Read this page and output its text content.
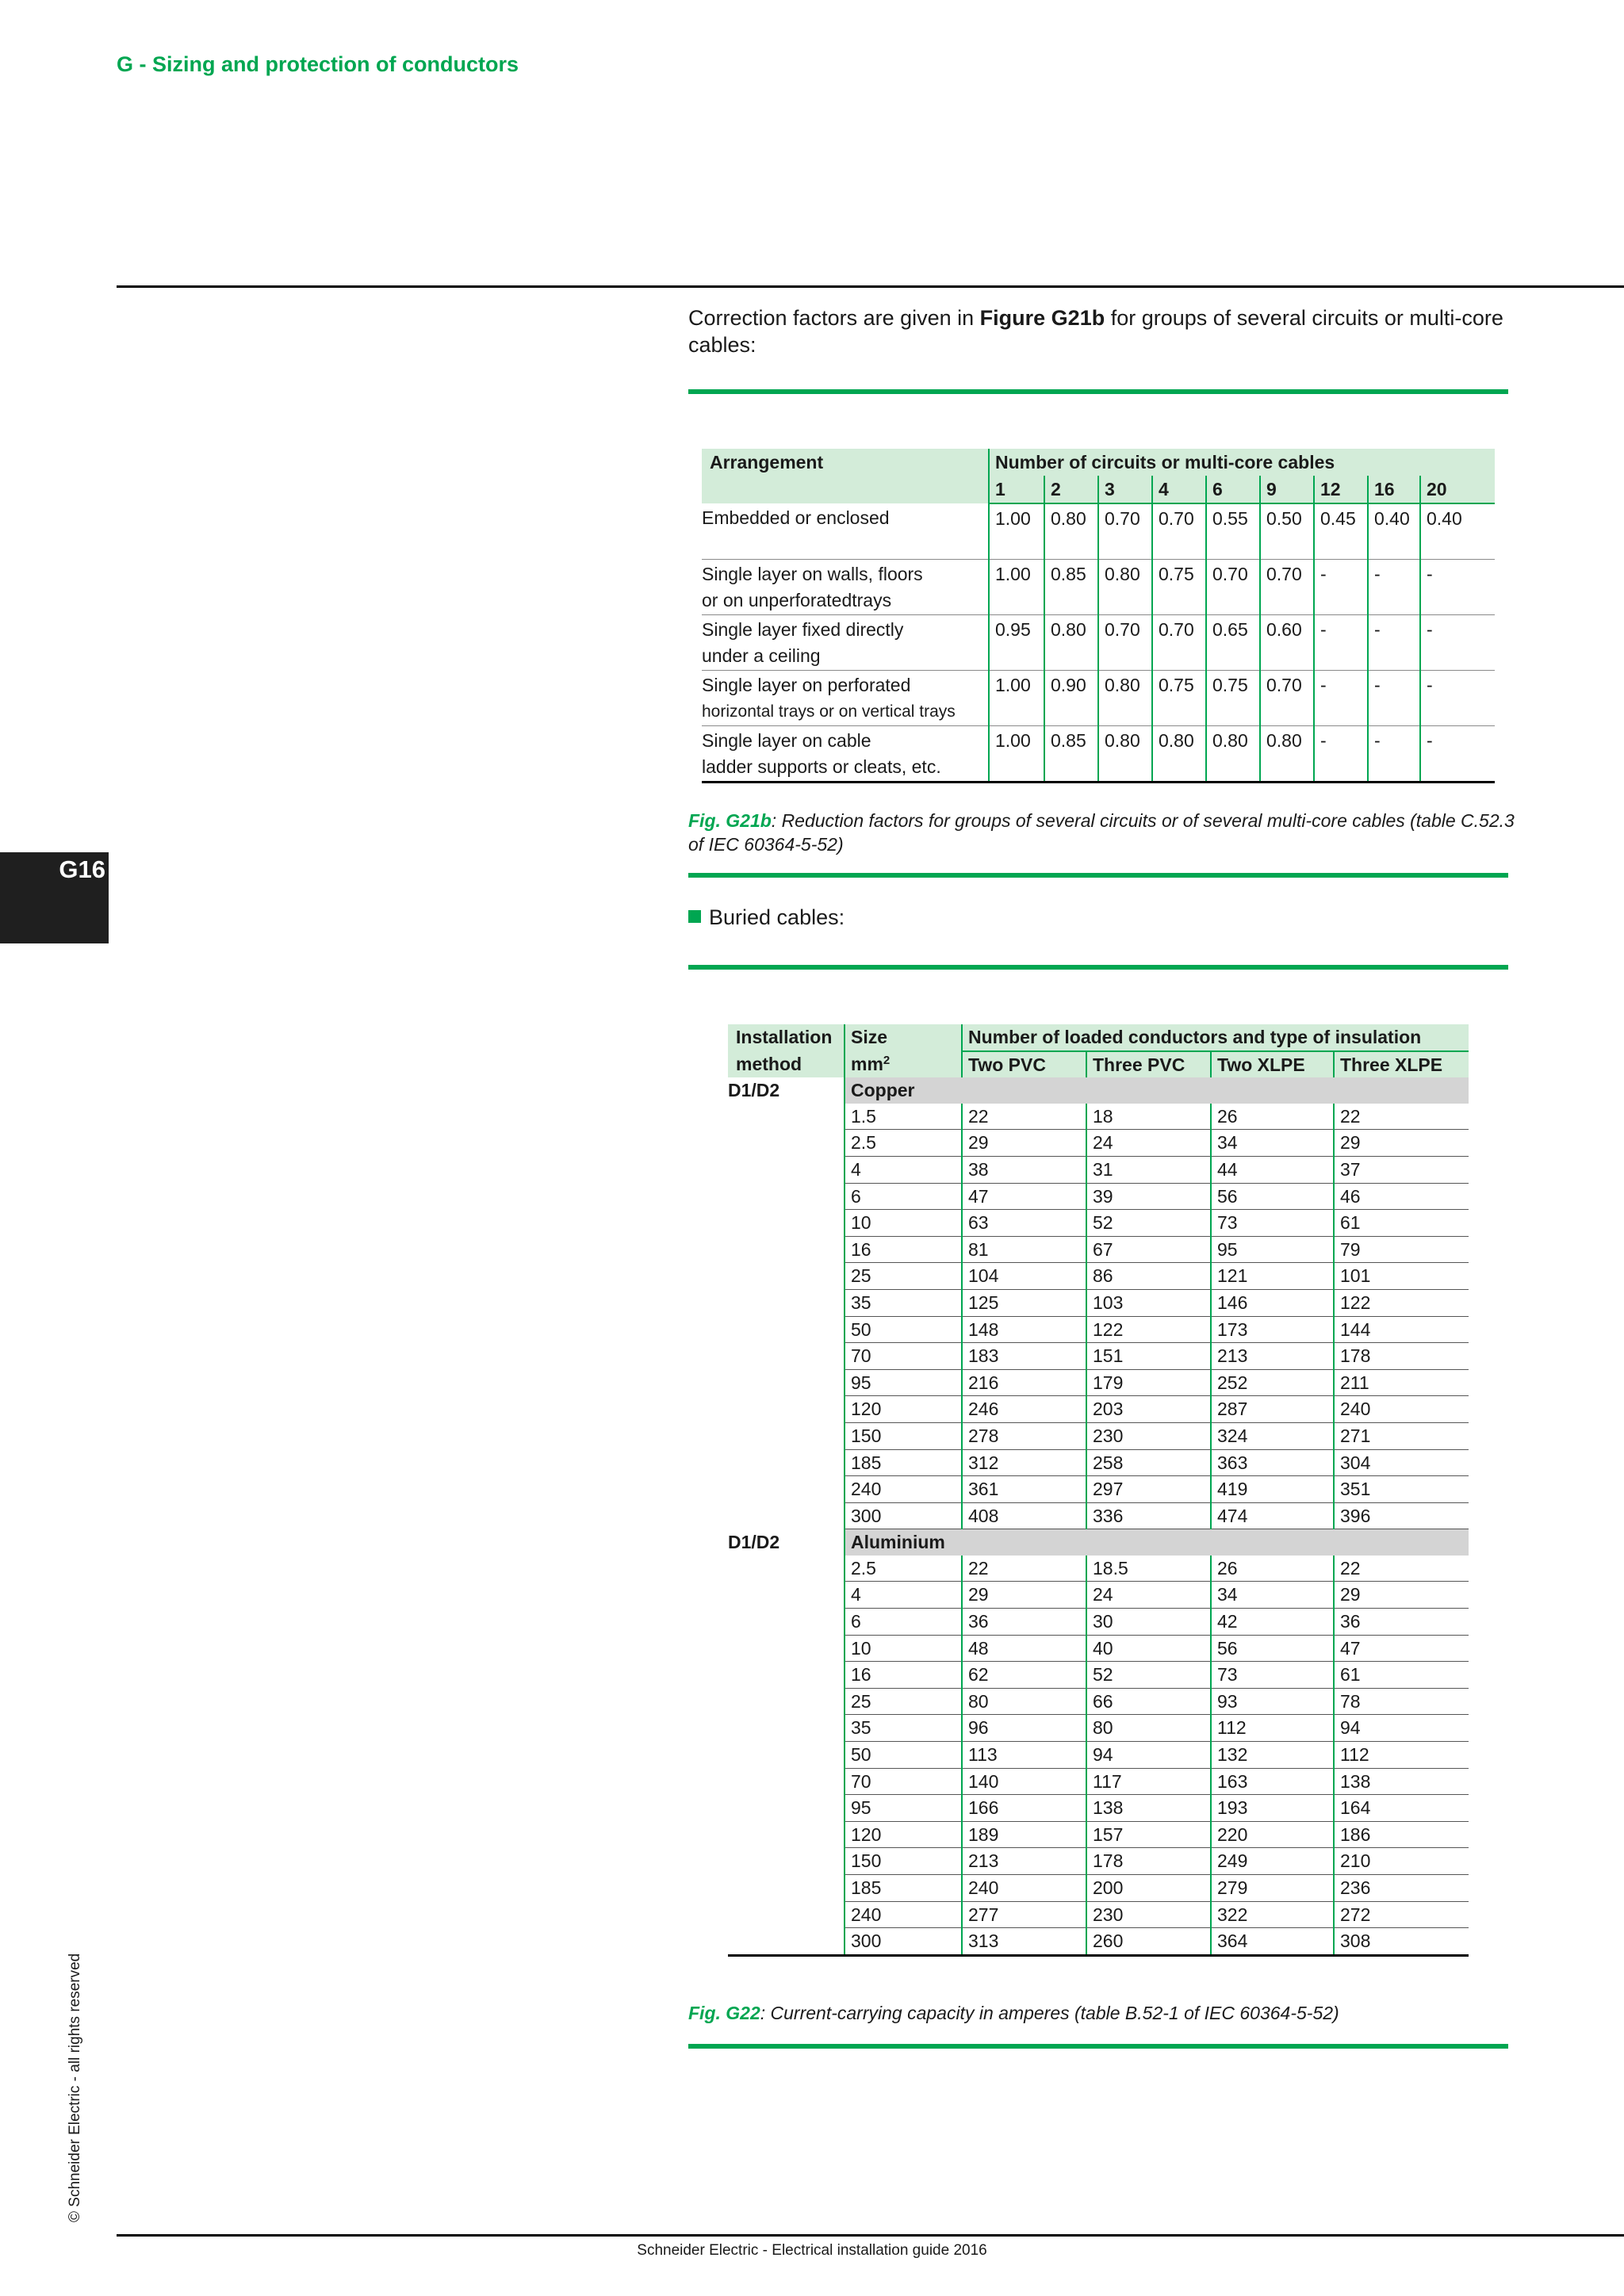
G - Sizing and protection of conductors
Correction factors are given in Figure G21b for groups of several circuits or multi-core cables:
Arrangement	Number of circuits or multi-core cables								
	1	2	3	4	6	9	12	16	20

Embedded or enclosed	1.00	0.80	0.70	0.70	0.55	0.50	0.45	0.40	0.40

Single layer on walls, floors
or on unperforatedtrays	1.00	0.85	0.80	0.75	0.70	0.70	-	-	-

Single layer fixed directly
under a ceiling	0.95	0.80	0.70	0.70	0.65	0.60	-	-	-

Single layer on perforated
horizontal trays or on vertical trays	1.00	0.90	0.80	0.75	0.75	0.70	-	-	-

Single layer on cable
ladder supports or cleats, etc.	1.00	0.85	0.80	0.80	0.80	0.80	-	-	-
Fig. G21b: Reduction factors for groups of several circuits or of several multi-core cables (table C.52.3 of IEC 60364-5-52)
Buried cables:
Installation	Size	Number of loaded conductors and type of insulation			
method	$mm^2$	Two PVC	Three PVC	Two XLPE	Three XLPE
D1/D2	Copper				
	1.5	22	18	26	22
	2.5	29	24	34	29
	4	38	31	44	37
	6	47	39	56	46
	10	63	52	73	61
	16	81	67	95	79
	25	104	86	121	101
	35	125	103	146	122
	50	148	122	173	144
	70	183	151	213	178
	95	216	179	252	211
	120	246	203	287	240
	150	278	230	324	271
	185	312	258	363	304
	240	361	297	419	351
	300	408	336	474	396
D1/D2	Aluminium				
	2.5	22	18.5	26	22
	4	29	24	34	29
	6	36	30	42	36
	10	48	40	56	47
	16	62	52	73	61
	25	80	66	93	78
	35	96	80	112	94
	50	113	94	132	112
	70	140	117	163	138
	95	166	138	193	164
	120	189	157	220	186
	150	213	178	249	210
	185	240	200	279	236
	240	277	230	322	272
	300	313	260	364	308
Fig. G22: Current-carrying capacity in amperes (table B.52-1 of IEC 60364-5-52)
G16
© Schneider Electric - all rights reserved
Schneider Electric - Electrical installation guide 2016
